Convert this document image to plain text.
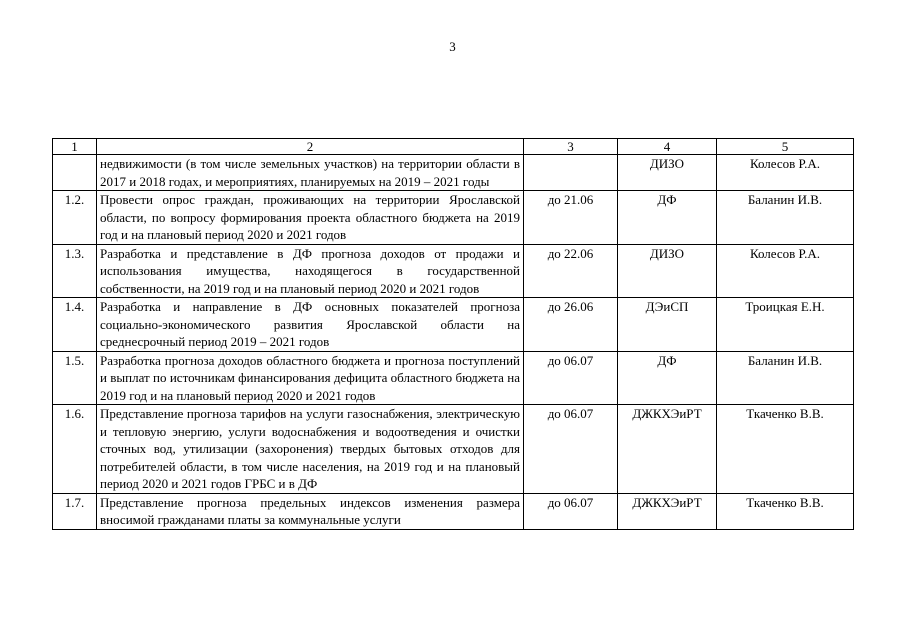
3
1	2	3	4	5
	недвижимости (в том числе земельных участков) на территории области в 2017 и 2018 годах, и мероприятиях, планируемых на 2019 – 2021 годы		ДИЗО	Колесов Р.А.
1.2.	Провести опрос граждан, проживающих на территории Ярославской области, по вопросу формирования проекта областного бюджета на 2019 год и на плановый период 2020 и 2021 годов	до 21.06	ДФ	Баланин И.В.
1.3.	Разработка и представление в ДФ прогноза доходов от продажи и использования имущества, находящегося в государственной собственности, на 2019 год и на плановый период 2020 и 2021 годов	до 22.06	ДИЗО	Колесов Р.А.
1.4.	Разработка и направление в ДФ основных показателей прогноза социально-экономического развития Ярославской области на среднесрочный период 2019 – 2021 годов	до 26.06	ДЭиСП	Троицкая Е.Н.
1.5.	Разработка прогноза доходов областного бюджета и прогноза поступлений и выплат по источникам финансирования дефицита областного бюджета на 2019 год и на плановый период 2020 и 2021 годов	до 06.07	ДФ	Баланин И.В.
1.6.	Представление прогноза тарифов на услуги газоснабжения, электрическую и тепловую энергию, услуги водоснабжения и водоотведения и очистки сточных вод, утилизации (захоронения) твердых бытовых отходов для потребителей области, в том числе населения, на 2019 год и на плановый период 2020 и 2021 годов ГРБС и в ДФ	до 06.07	ДЖКХЭиРТ	Ткаченко В.В.
1.7.	Представление прогноза предельных индексов изменения размера вносимой гражданами платы за коммунальные услуги	до 06.07	ДЖКХЭиРТ	Ткаченко В.В.
